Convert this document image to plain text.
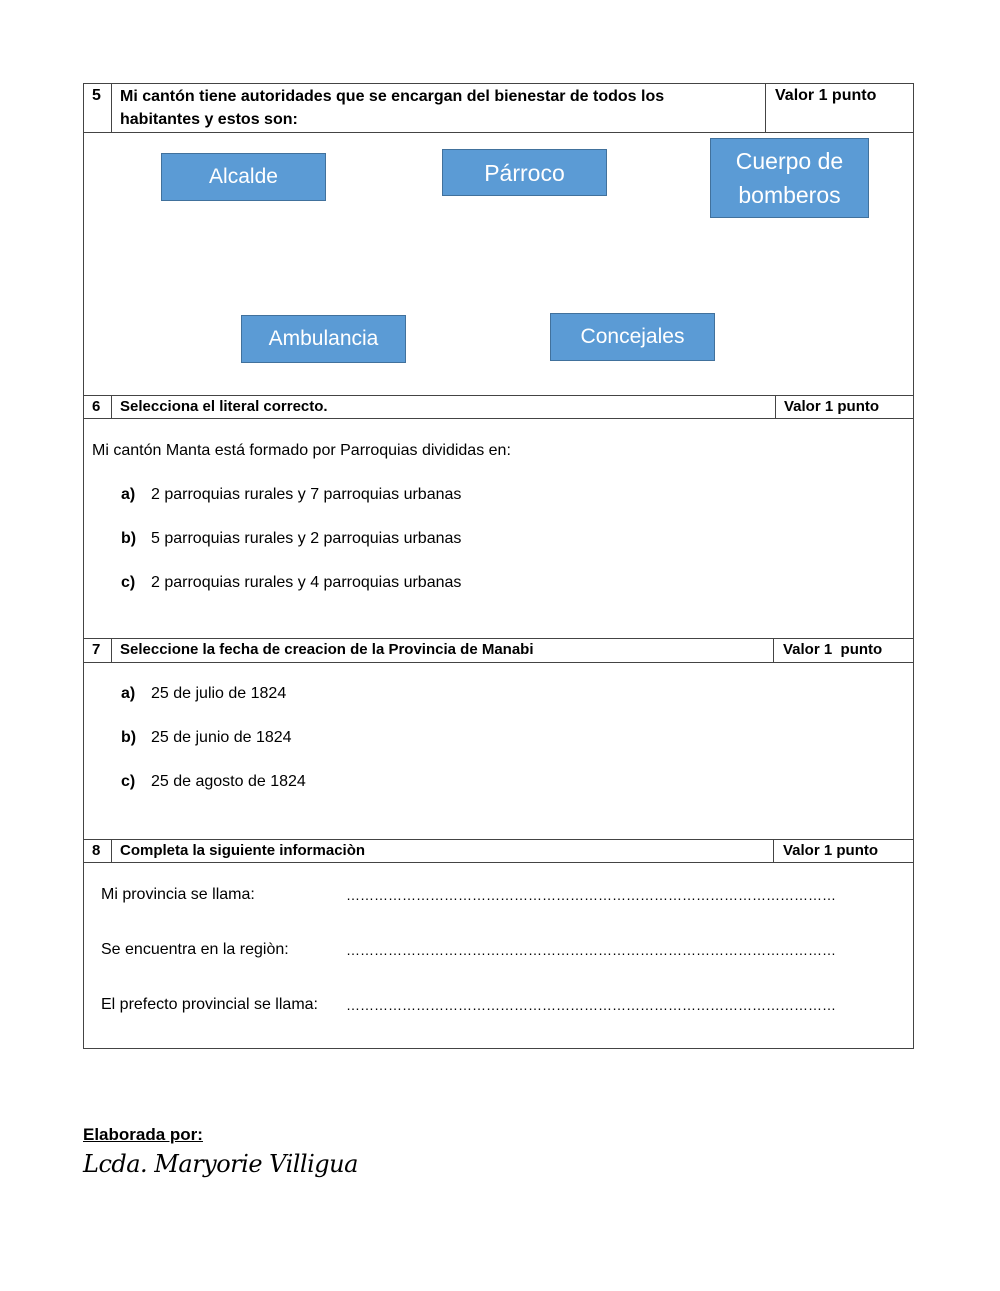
5 Mi cantón tiene autoridades que se encargan del bienestar de todos los habitantes y estos son:
Valor 1 punto
Alcalde	Párroco	Cuerpo de bomberos
Ambulancia	Concejales
6 Selecciona el literal correcto.	Valor 1 punto
Mi cantón Manta está formado por Parroquias divididas en:
a) 2 parroquias rurales y 7 parroquias urbanas
b) 5 parroquias rurales y 2 parroquias urbanas
c) 2 parroquias rurales y 4 parroquias urbanas
7 Seleccione la fecha de creacion de la Provincia de Manabi	Valor 1  punto
a) 25 de julio de 1824
b) 25 de junio de 1824
c) 25 de agosto de 1824
8 Completa la siguiente informaciòn	Valor 1 punto
Mi provincia se llama:	……………………………………………………………………………………………
Se encuentra en la regiòn:	……………………………………………………………………………………………
El prefecto provincial se llama: ……………………………………………………………………………………………
Elaborada por:
Lcda. Maryorie Villigua
